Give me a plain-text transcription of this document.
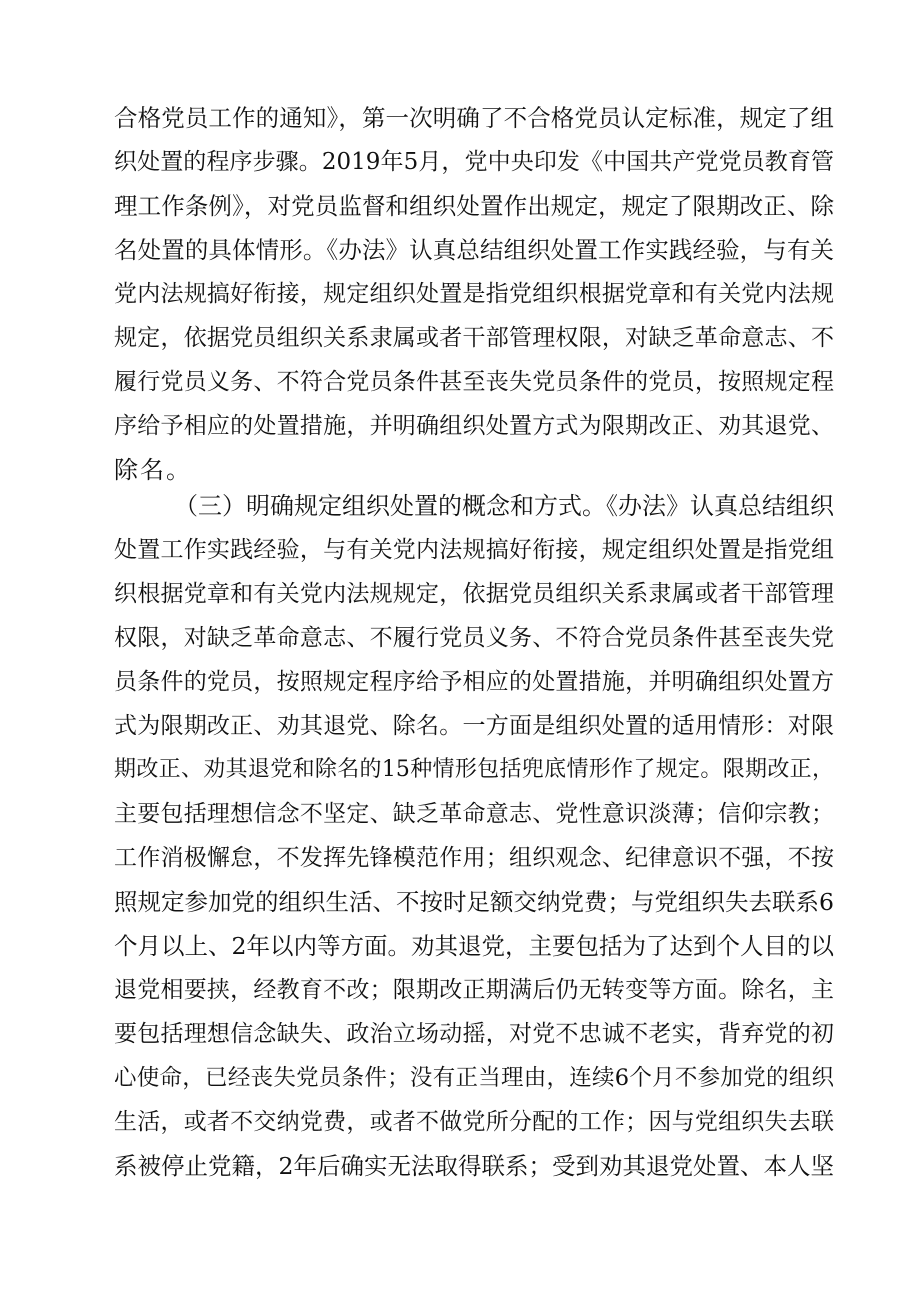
合格党员工作的通知》，第一次明确了不合格党员认定标准，规定了组
织处置的程序步骤。2019年5月，党中央印发《中国共产党党员教育管
理工作条例》，对党员监督和组织处置作出规定，规定了限期改正、除
名处置的具体情形。《办法》认真总结组织处置工作实践经验，与有关
党内法规搞好衔接，规定组织处置是指党组织根据党章和有关党内法规
规定，依据党员组织关系隶属或者干部管理权限，对缺乏革命意志、不
履行党员义务、不符合党员条件甚至丧失党员条件的党员，按照规定程
序给予相应的处置措施，并明确组织处置方式为限期改正、劝其退党、
除名。
（三）明确规定组织处置的概念和方式。《办法》认真总结组织
处置工作实践经验，与有关党内法规搞好衔接，规定组织处置是指党组
织根据党章和有关党内法规规定，依据党员组织关系隶属或者干部管理
权限，对缺乏革命意志、不履行党员义务、不符合党员条件甚至丧失党
员条件的党员，按照规定程序给予相应的处置措施，并明确组织处置方
式为限期改正、劝其退党、除名。一方面是组织处置的适用情形：对限
期改正、劝其退党和除名的15种情形包括兜底情形作了规定。限期改正，
主要包括理想信念不坚定、缺乏革命意志、党性意识淡薄；信仰宗教；
工作消极懈怠，不发挥先锋模范作用；组织观念、纪律意识不强，不按
照规定参加党的组织生活、不按时足额交纳党费；与党组织失去联系6
个月以上、2年以内等方面。劝其退党，主要包括为了达到个人目的以
退党相要挟，经教育不改；限期改正期满后仍无转变等方面。除名，主
要包括理想信念缺失、政治立场动摇，对党不忠诚不老实，背弃党的初
心使命，已经丧失党员条件；没有正当理由，连续6个月不参加党的组织
生活，或者不交纳党费，或者不做党所分配的工作；因与党组织失去联
系被停止党籍，2年后确实无法取得联系；受到劝其退党处置、本人坚
